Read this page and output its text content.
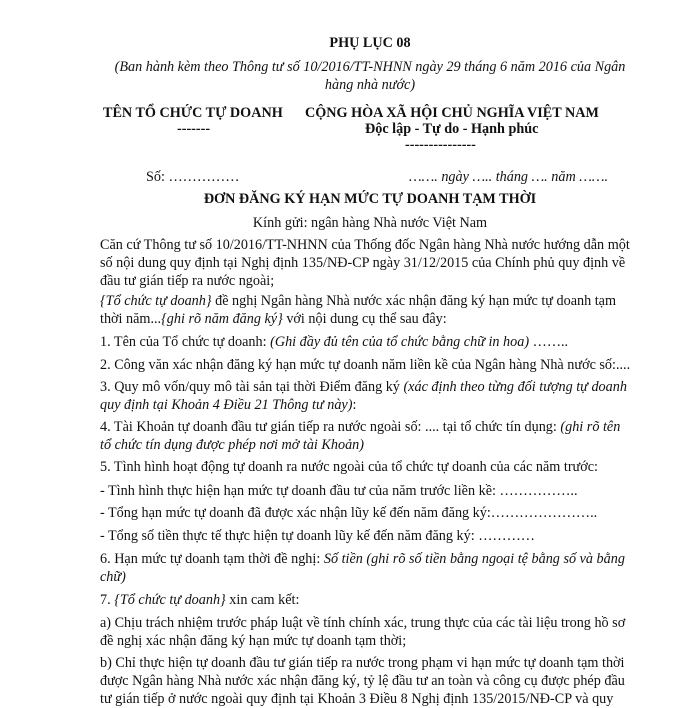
PHỤ LỤC 08
(Ban hành kèm theo Thông tư số 10/2016/TT-NHNN ngày 29 tháng 6 năm 2016 của Ngân hàng nhà nước)
TÊN TỔ CHỨC TỰ DOANH
-------
CỘNG HÒA XÃ HỘI CHỦ NGHĨA VIỆT NAM
Độc lập - Tự do - Hạnh phúc
---------------
Số: ……………	……. ngày ….. tháng …. năm …….
ĐƠN ĐĂNG KÝ HẠN MỨC TỰ DOANH TẠM THỜI
Kính gửi: ngân hàng Nhà nước Việt Nam
Căn cứ Thông tư số 10/2016/TT-NHNN của Thống đốc Ngân hàng Nhà nước hướng dẫn một số nội dung quy định tại Nghị định 135/NĐ-CP ngày 31/12/2015 của Chính phủ quy định về đầu tư gián tiếp ra nước ngoài;
{Tổ chức tự doanh} đề nghị Ngân hàng Nhà nước xác nhận đăng ký hạn mức tự doanh tạm thời năm...{ghi rõ năm đăng ký} với nội dung cụ thể sau đây:
1. Tên của Tổ chức tự doanh: (Ghi đầy đủ tên của tổ chức bằng chữ in hoa) ……..
2. Công văn xác nhận đăng ký hạn mức tự doanh năm liền kề của Ngân hàng Nhà nước số:....
3. Quy mô vốn/quy mô tài sản tại thời Điểm đăng ký (xác định theo từng đối tượng tự doanh quy định tại Khoản 4 Điều 21 Thông tư này):
4. Tài Khoản tự doanh đầu tư gián tiếp ra nước ngoài số: .... tại tổ chức tín dụng: (ghi rõ tên tổ chức tín dụng được phép nơi mở tài Khoản)
5. Tình hình hoạt động tự doanh ra nước ngoài của tổ chức tự doanh của các năm trước:
- Tình hình thực hiện hạn mức tự doanh đầu tư của năm trước liền kề: ……………..
- Tổng hạn mức tự doanh đã được xác nhận lũy kế đến năm đăng ký:…………………..
- Tổng số tiền thực tế thực hiện tự doanh lũy kế đến năm đăng ký: …………
6. Hạn mức tự doanh tạm thời đề nghị: Số tiền (ghi rõ số tiền bằng ngoại tệ bằng số và bằng chữ)
7. {Tổ chức tự doanh} xin cam kết:
a) Chịu trách nhiệm trước pháp luật về tính chính xác, trung thực của các tài liệu trong hồ sơ đề nghị xác nhận đăng ký hạn mức tự doanh tạm thời;
b) Chỉ thực hiện tự doanh đầu tư gián tiếp ra nước trong phạm vi hạn mức tự doanh tạm thời được Ngân hàng Nhà nước xác nhận đăng ký, tỷ lệ đầu tư an toàn và công cụ được phép đầu tư gián tiếp ở nước ngoài quy định tại Khoản 3 Điều 8 Nghị định 135/2015/NĐ-CP và quy
